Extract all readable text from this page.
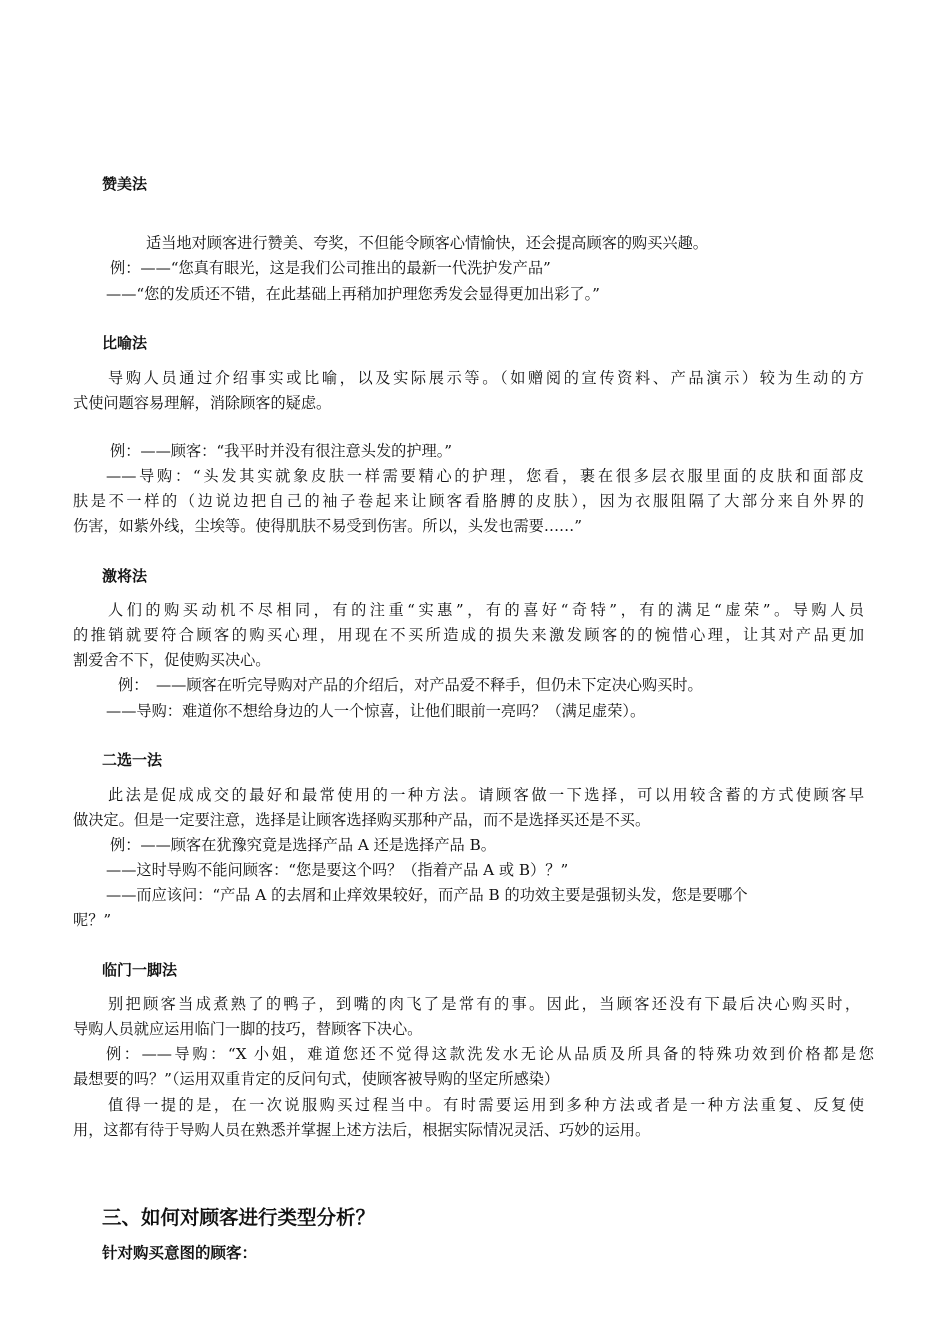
赞美法
适当地对顾客进行赞美、夸奖，不但能令顾客心情愉快，还会提高顾客的购买兴趣。
例：——“您真有眼光，这是我们公司推出的最新一代洗护发产品”
——“您的发质还不错，在此基础上再稍加护理您秀发会显得更加出彩了。”
比喻法
导购人员通过介绍事实或比喻，以及实际展示等。（如赠阅的宣传资料、产品演示）较为生动的方
式使问题容易理解，消除顾客的疑虑。
例：——顾客：“我平时并没有很注意头发的护理。”
——导购：“头发其实就象皮肤一样需要精心的护理，您看，裹在很多层衣服里面的皮肤和面部皮
肤是不一样的（边说边把自己的袖子卷起来让顾客看胳膊的皮肤），因为衣服阻隔了大部分来自外界的
伤害，如紫外线，尘埃等。使得肌肤不易受到伤害。所以，头发也需要……”
激将法
人们的购买动机不尽相同，有的注重“实惠”，有的喜好“奇特”，有的满足“虚荣”。导购人员
的推销就要符合顾客的购买心理，用现在不买所造成的损失来激发顾客的的惋惜心理，让其对产品更加
割爱舍不下，促使购买决心。
例：　——顾客在听完导购对产品的介绍后，对产品爱不释手，但仍未下定决心购买时。
——导购：难道你不想给身边的人一个惊喜，让他们眼前一亮吗？（满足虚荣）。
二选一法
此法是促成成交的最好和最常使用的一种方法。请顾客做一下选择，可以用较含蓄的方式使顾客早
做决定。但是一定要注意，选择是让顾客选择购买那种产品，而不是选择买还是不买。
例：——顾客在犹豫究竟是选择产品 A 还是选择产品 B。
——这时导购不能问顾客：“您是要这个吗？（指着产品 A 或 B）？”
——而应该问：“产品 A 的去屑和止痒效果较好，而产品 B 的功效主要是强韧头发，您是要哪个
呢？”
临门一脚法
别把顾客当成煮熟了的鸭子，到嘴的肉飞了是常有的事。因此，当顾客还没有下最后决心购买时，
导购人员就应运用临门一脚的技巧，替顾客下决心。
例：——导购：“X 小姐，难道您还不觉得这款洗发水无论从品质及所具备的特殊功效到价格都是您
最想要的吗？”（运用双重肯定的反问句式，使顾客被导购的坚定所感染）
值得一提的是，在一次说服购买过程当中。有时需要运用到多种方法或者是一种方法重复、反复使
用，这都有待于导购人员在熟悉并掌握上述方法后，根据实际情况灵活、巧妙的运用。
三、如何对顾客进行类型分析？
针对购买意图的顾客：
